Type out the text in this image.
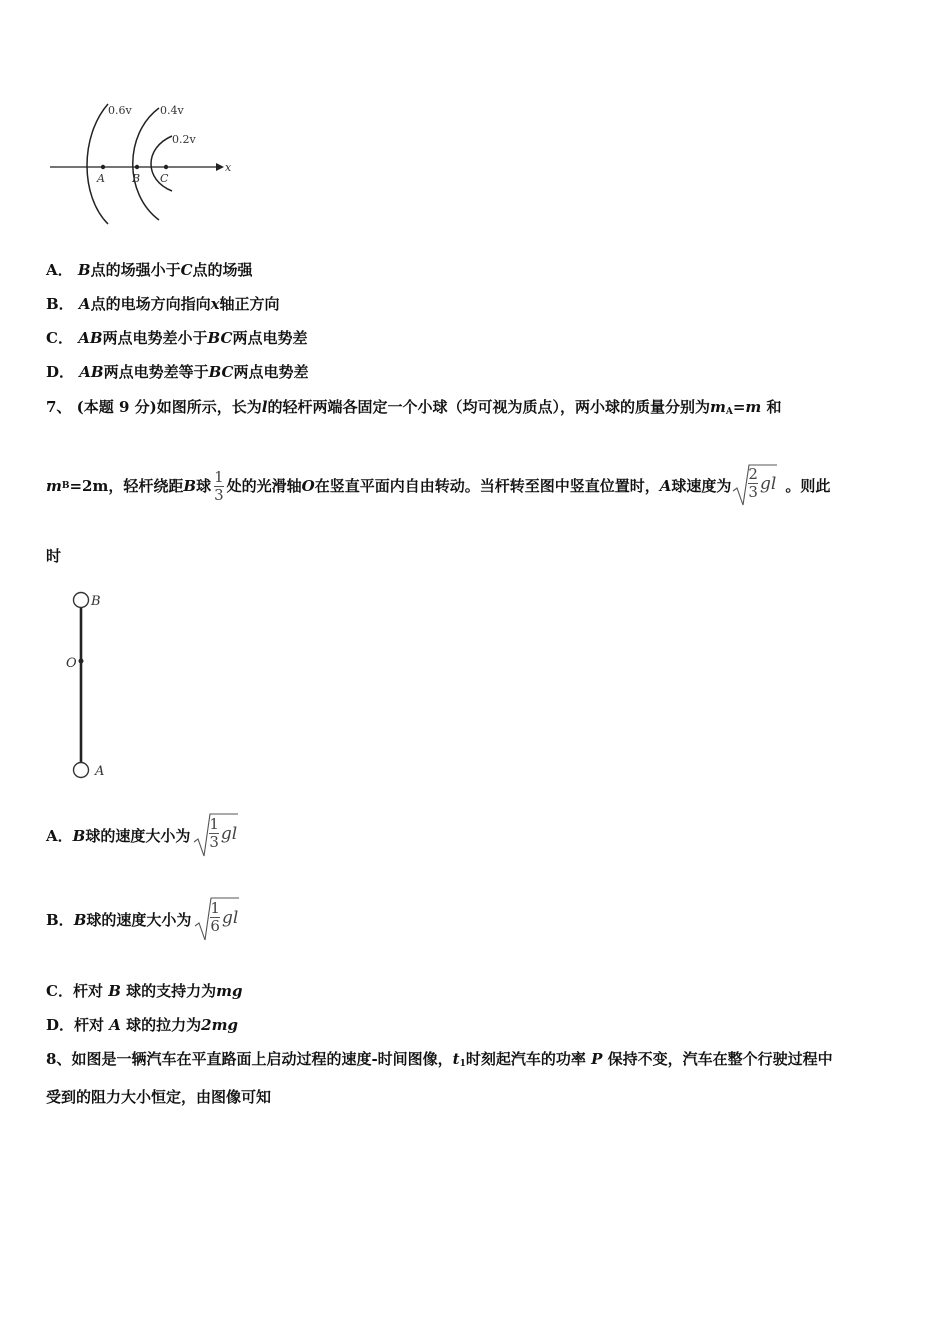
0.6v	0.4v
0.2v
x
A B C
A． B点的场强小于C点的场强
B． A点的电场方向指向x轴正方向
C． AB两点电势差小于BC两点电势差
D． AB两点电势差等于BC两点电势差
7、 (本题 9 分)如图所示，长为l的轻杆两端各固定一个小球（均可视为质点），两小球的质量分别为$m_A=m$ 和
m B =2m ，轻杆绕距 B 球 $\frac{1}{3}$ 处的光滑轴 O 在竖直平面内自由转动。当杆转至图中竖直位置时， A 球速度为 $\frac{2}{3}$ gl 。则此
时
B
O
A
A． B 球的速度大小为 $\frac{1}{3}$ gl
B． B 球的速度大小为 $\frac{1}{6}$ gl
C．杆对 B 球的支持力为mg
D．杆对 A 球的拉力为2mg
8、如图是一辆汽车在平直路面上启动过程的速度-时间图像，$t_1$时刻起汽车的功率 P 保持不变，汽车在整个行驶过程中
受到的阻力大小恒定，由图像可知
